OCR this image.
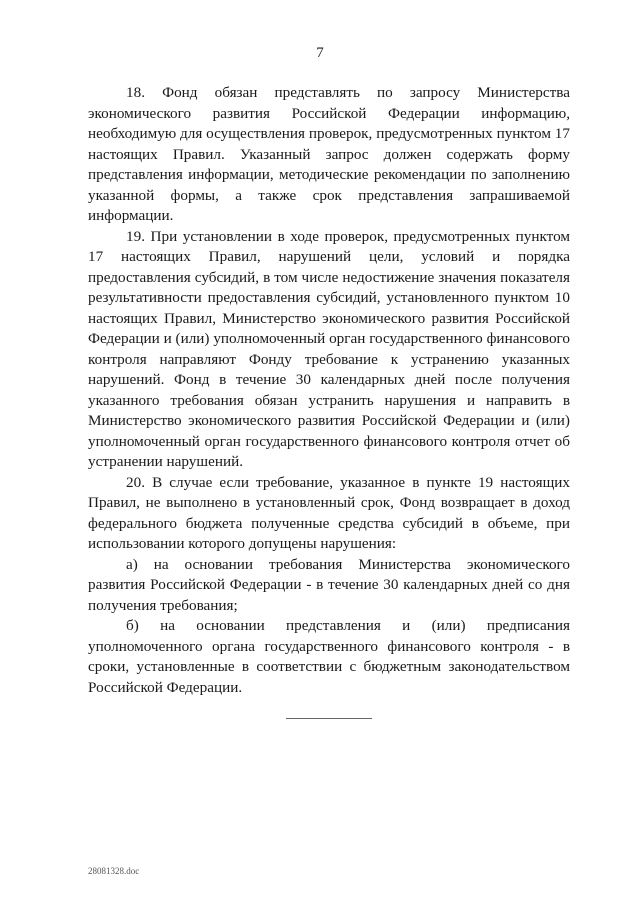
7

18. Фонд обязан представлять по запросу Министерства экономического развития Российской Федерации информацию, необходимую для осуществления проверок, предусмотренных пунктом 17 настоящих Правил. Указанный запрос должен содержать форму представления информации, методические рекомендации по заполнению указанной формы, а также срок представления запрашиваемой информации.

19. При установлении в ходе проверок, предусмотренных пунктом 17 настоящих Правил, нарушений цели, условий и порядка предоставления субсидий, в том числе недостижение значения показателя результативности предоставления субсидий, установленного пунктом 10 настоящих Правил, Министерство экономического развития Российской Федерации и (или) уполномоченный орган государственного финансового контроля направляют Фонду требование к устранению указанных нарушений. Фонд в течение 30 календарных дней после получения указанного требования обязан устранить нарушения и направить в Министерство экономического развития Российской Федерации и (или) уполномоченный орган государственного финансового контроля отчет об устранении нарушений.

20. В случае если требование, указанное в пункте 19 настоящих Правил, не выполнено в установленный срок, Фонд возвращает в доход федерального бюджета полученные средства субсидий в объеме, при использовании которого допущены нарушения:

а) на основании требования Министерства экономического развития Российской Федерации - в течение 30 календарных дней со дня получения требования;

б) на основании представления и (или) предписания уполномоченного органа государственного финансового контроля - в сроки, установленные в соответствии с бюджетным законодательством Российской Федерации.

28081328.doc
